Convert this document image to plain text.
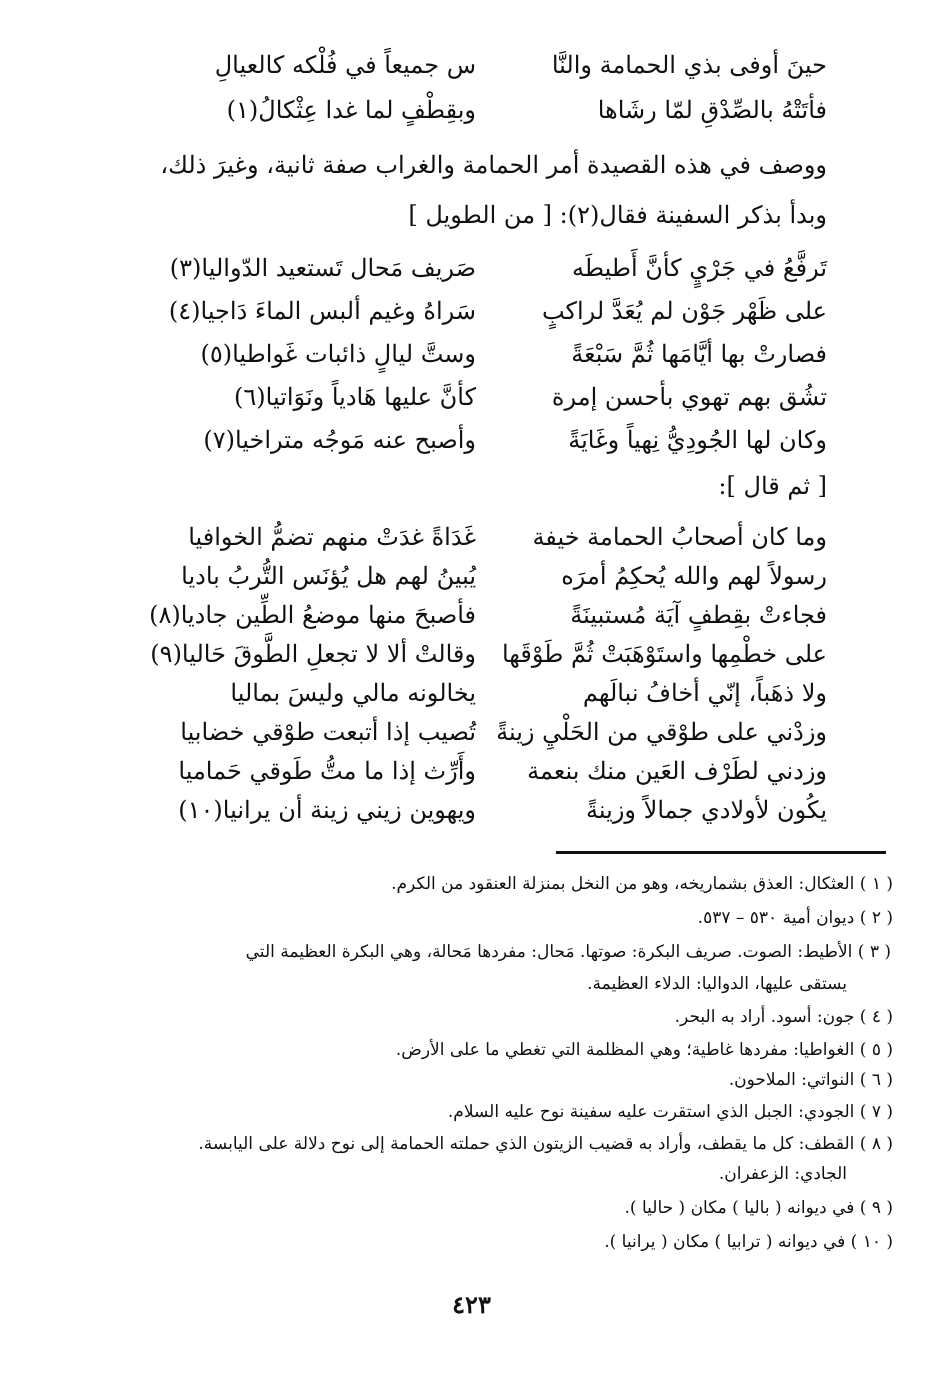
حينَ أوفى بذي الحمامة والنَّا
س جميعاً في فُلْكه كالعيالِ
فأتَتْهُ بالصِّدْقِ لمّا رشَاها
وبقِطْفٍ لما غدا عِثْكالُ(١)
ووصف في هذه القصيدة أمر الحمامة والغراب صفة ثانية، وغيرَ ذلك،
وبدأ بذكر السفينة فقال(٢): [ من الطويل ]
تَرفَّعُ في جَرْيٍ كأنَّ أَطيطَه
صَريف مَحال تَستعيد الدّواليا(٣)
على ظَهْر جَوْن لم يُعَدَّ لراكبٍ
سَراهُ وغيم ألبس الماءَ دَاجيا(٤)
فصارتْ بها أيَّامَها ثُمَّ سَبْعَةً
وستَّ ليالٍ ذائبات غَواطيا(٥)
تشُق بهم تهوي بأحسن إمرة
كأنَّ عليها هَادياً ونَوَاتيا(٦)
وكان لها الجُودِيُّ نِهياً وغَايَةً
وأصبح عنه مَوجُه متراخيا(٧)
[ ثم قال ]:
وما كان أصحابُ الحمامة خيفة
غَدَاةً غدَتْ منهم تضمُّ الخوافيا
رسولاً لهم والله يُحكِمُ أمرَه
يُبينُ لهم هل يُؤنَس التُّربُ باديا
فجاءتْ بقِطفٍ آيَة مُستبينَةً
فأصبحَ منها موضعُ الطِّين جاديا(٨)
على خطْمِها واستَوْهَبَتْ ثُمَّ طَوْقَها
وقالتْ ألا لا تجعلِ الطَّوقَ حَاليا(٩)
ولا ذهَباً، إنّي أخافُ نبالَهم
يخالونه مالي وليسَ بماليا
وزدْني على طوْقي من الحَلْيِ زينةً
تُصيب إذا أتبعت طوْقي خضابيا
وزدني لطَرْف العَين منك بنعمة
وأَرِّث إذا ما متُّ طَوقي حَماميا
يكُون لأولادي جمالاً وزينةً
ويهوين زيني زينة أن يرانيا(١٠)
( ١ ) العثكال: العذق بشماريخه، وهو من النخل بمنزلة العنقود من الكرم.
( ٢ ) ديوان أمية ٥٣٠ – ٥٣٧.
( ٣ ) الأطيط: الصوت. صريف البكرة: صوتها. مَحال: مفردها مَحالة، وهي البكرة العظيمة التي
يستقى عليها، الدواليا: الدلاء العظيمة.
( ٤ ) جون: أسود. أراد به البحر.
( ٥ ) الغواطيا: مفردها غاطية؛ وهي المظلمة التي تغطي ما على الأرض.
( ٦ ) النواتي: الملاحون.
( ٧ ) الجودي: الجبل الذي استقرت عليه سفينة نوح عليه السلام.
( ٨ ) القطف: كل ما يقطف، وأراد به قضيب الزيتون الذي حملته الحمامة إلى نوح دلالة على اليابسة.
الجادي: الزعفران.
( ٩ ) في ديوانه ( باليا ) مكان ( حاليا ).
( ١٠ ) في ديوانه ( ترابيا ) مكان ( يرانيا ).
٤٢٣
